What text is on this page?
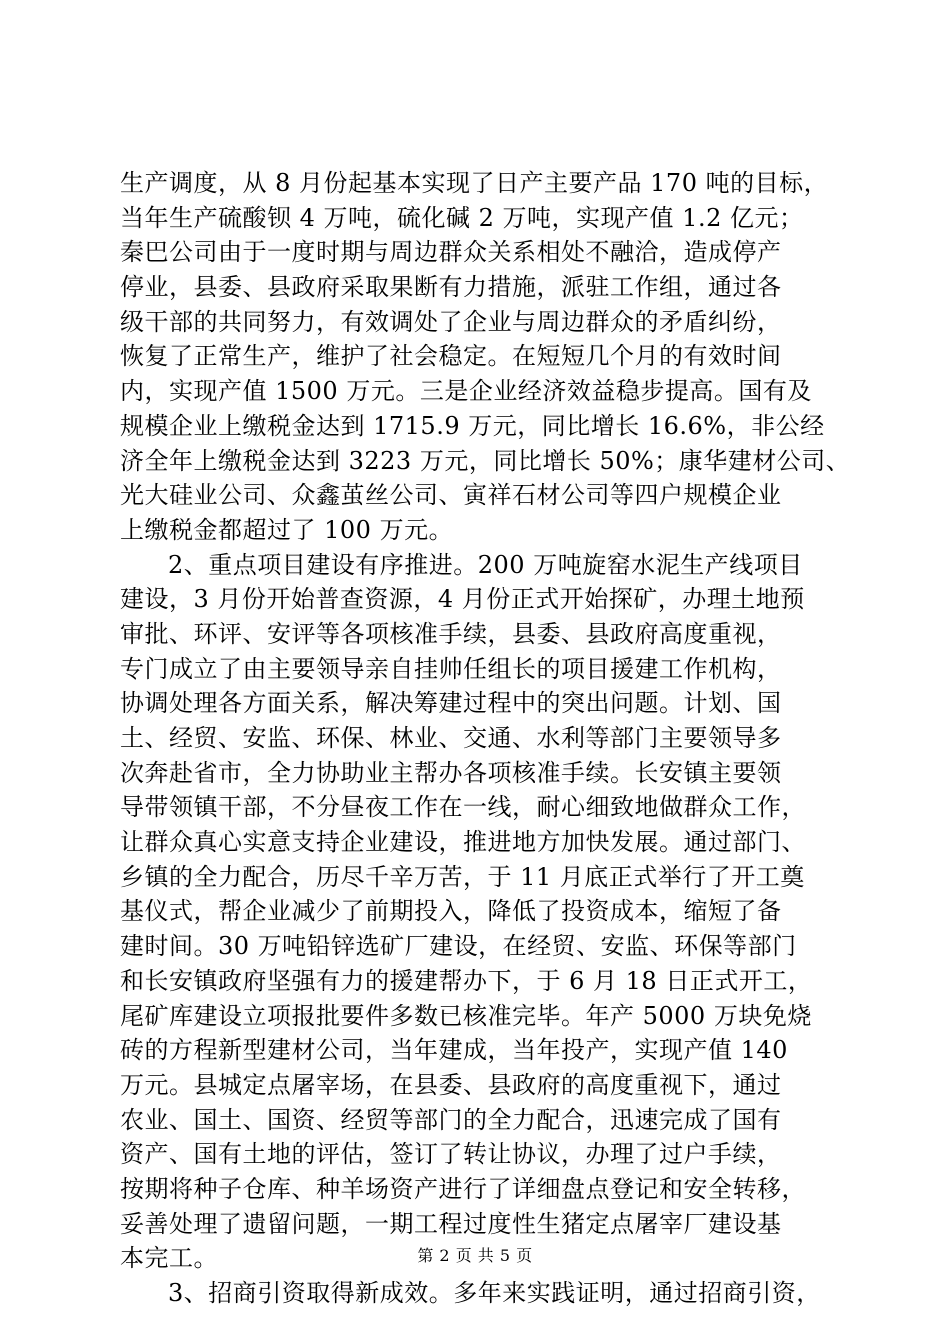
生产调度，从 8 月份起基本实现了日产主要产品 170 吨的目标，
当年生产硫酸钡 4 万吨，硫化碱 2 万吨，实现产值 1.2 亿元；
秦巴公司由于一度时期与周边群众关系相处不融洽，造成停产
停业，县委、县政府采取果断有力措施，派驻工作组，通过各
级干部的共同努力，有效调处了企业与周边群众的矛盾纠纷，
恢复了正常生产，维护了社会稳定。在短短几个月的有效时间
内，实现产值 1500 万元。三是企业经济效益稳步提高。国有及
规模企业上缴税金达到 1715.9 万元，同比增长 16.6%，非公经
济全年上缴税金达到 3223 万元，同比增长 50%；康华建材公司、
光大硅业公司、众鑫茧丝公司、寅祥石材公司等四户规模企业
上缴税金都超过了 100 万元。
2、重点项目建设有序推进。200 万吨旋窑水泥生产线项目
建设，3 月份开始普查资源，4 月份正式开始探矿，办理土地预
审批、环评、安评等各项核准手续，县委、县政府高度重视，
专门成立了由主要领导亲自挂帅任组长的项目援建工作机构，
协调处理各方面关系，解决筹建过程中的突出问题。计划、国
土、经贸、安监、环保、林业、交通、水利等部门主要领导多
次奔赴省市，全力协助业主帮办各项核准手续。长安镇主要领
导带领镇干部，不分昼夜工作在一线，耐心细致地做群众工作，
让群众真心实意支持企业建设，推进地方加快发展。通过部门、
乡镇的全力配合，历尽千辛万苦，于 11 月底正式举行了开工奠
基仪式，帮企业减少了前期投入，降低了投资成本，缩短了备
建时间。30 万吨铅锌选矿厂建设，在经贸、安监、环保等部门
和长安镇政府坚强有力的援建帮办下，于 6 月 18 日正式开工，
尾矿库建设立项报批要件多数已核准完毕。年产 5000 万块免烧
砖的方程新型建材公司，当年建成，当年投产，实现产值 140
万元。县城定点屠宰场，在县委、县政府的高度重视下，通过
农业、国土、国资、经贸等部门的全力配合，迅速完成了国有
资产、国有土地的评估，签订了转让协议，办理了过户手续，
按期将种子仓库、种羊场资产进行了详细盘点登记和安全转移，
妥善处理了遗留问题，一期工程过度性生猪定点屠宰厂建设基
本完工。
3、招商引资取得新成效。多年来实践证明，通过招商引资，
第 2 页 共 5 页
